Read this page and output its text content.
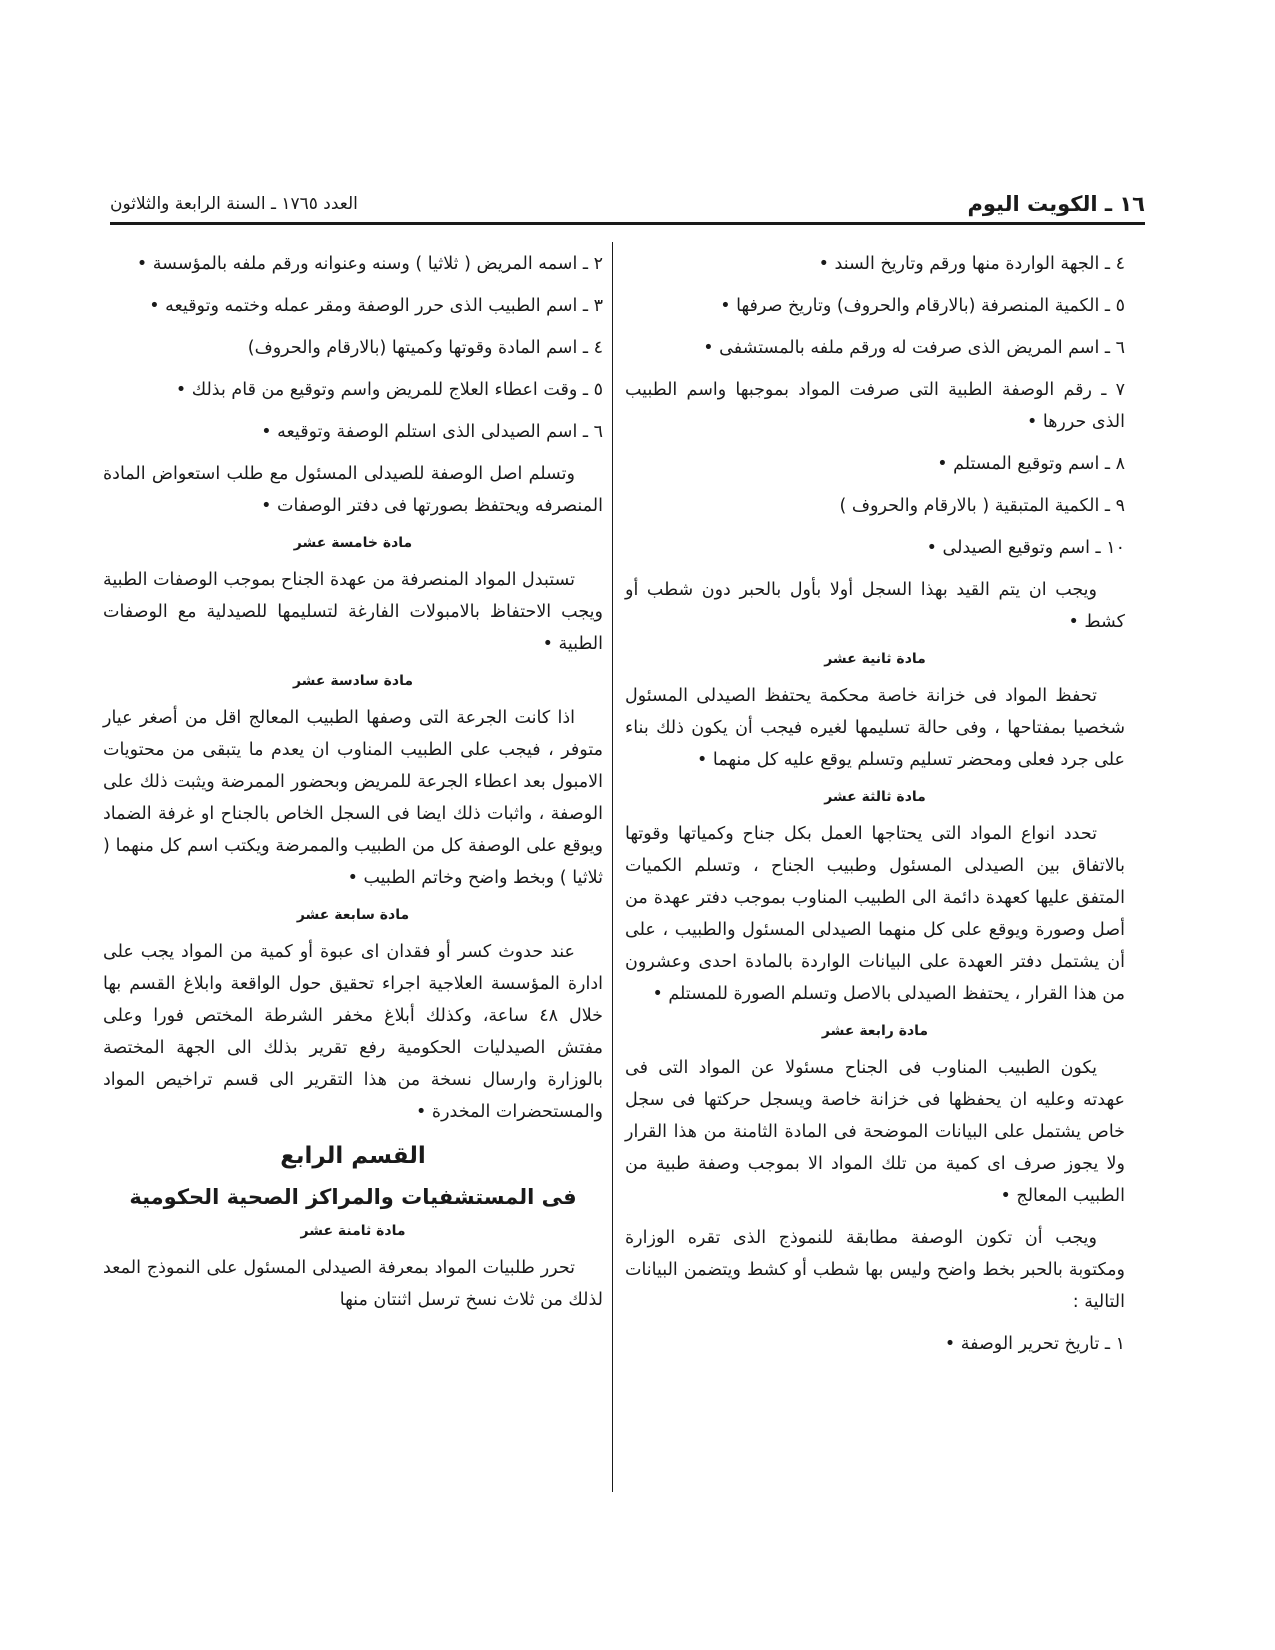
١٦ ـ الكويت اليوم
العدد ١٧٦٥ ـ السنة الرابعة والثلاثون

٤ ـ الجهة الواردة منها ورقم وتاريخ السند •

٥ ـ الكمية المنصرفة (بالارقام والحروف) وتاريخ صرفها •

٦ ـ اسم المريض الذى صرفت له ورقم ملفه بالمستشفى •

٧ ـ رقم الوصفة الطبية التى صرفت المواد بموجبها واسم الطبيب الذى حررها •

٨ ـ اسم وتوقيع المستلم •

٩ ـ الكمية المتبقية ( بالارقام والحروف )

١٠ ـ اسم وتوقيع الصيدلى •

ويجب ان يتم القيد بهذا السجل أولا بأول بالحبر دون شطب أو كشط •

مادة ثانية عشر

تحفظ المواد فى خزانة خاصة محكمة يحتفظ الصيدلى المسئول شخصيا بمفتاحها ، وفى حالة تسليمها لغيره فيجب أن يكون ذلك بناء على جرد فعلى ومحضر تسليم وتسلم يوقع عليه كل منهما •

مادة ثالثة عشر

تحدد انواع المواد التى يحتاجها العمل بكل جناح وكمياتها وقوتها بالاتفاق بين الصيدلى المسئول وطبيب الجناح ، وتسلم الكميات المتفق عليها كعهدة دائمة الى الطبيب المناوب بموجب دفتر عهدة من أصل وصورة ويوقع على كل منهما الصيدلى المسئول والطبيب ، على أن يشتمل دفتر العهدة على البيانات الواردة بالمادة احدى وعشرون من هذا القرار ، يحتفظ الصيدلى بالاصل وتسلم الصورة للمستلم •

مادة رابعة عشر

يكون الطبيب المناوب فى الجناح مسئولا عن المواد التى فى عهدته وعليه ان يحفظها فى خزانة خاصة ويسجل حركتها فى سجل خاص يشتمل على البيانات الموضحة فى المادة الثامنة من هذا القرار ولا يجوز صرف اى كمية من تلك المواد الا بموجب وصفة طبية من الطبيب المعالج •

ويجب أن تكون الوصفة مطابقة للنموذج الذى تقره الوزارة ومكتوبة بالحبر بخط واضح وليس بها شطب أو كشط ويتضمن البيانات التالية :

١ ـ تاريخ تحرير الوصفة •

٢ ـ اسمه المريض ( ثلاثيا ) وسنه وعنوانه ورقم ملفه بالمؤسسة •

٣ ـ اسم الطبيب الذى حرر الوصفة ومقر عمله وختمه وتوقيعه •

٤ ـ اسم المادة وقوتها وكميتها (بالارقام والحروف)

٥ ـ وقت اعطاء العلاج للمريض واسم وتوقيع من قام بذلك •

٦ ـ اسم الصيدلى الذى استلم الوصفة وتوقيعه •

وتسلم اصل الوصفة للصيدلى المسئول مع طلب استعواض المادة المنصرفه ويحتفظ بصورتها فى دفتر الوصفات •

مادة خامسة عشر

تستبدل المواد المنصرفة من عهدة الجناح بموجب الوصفات الطبية ويجب الاحتفاظ بالامبولات الفارغة لتسليمها للصيدلية مع الوصفات الطبية •

مادة سادسة عشر

اذا كانت الجرعة التى وصفها الطبيب المعالج اقل من أصغر عيار متوفر ، فيجب على الطبيب المناوب ان يعدم ما يتبقى من محتويات الامبول بعد اعطاء الجرعة للمريض وبحضور الممرضة ويثبت ذلك على الوصفة ، واثبات ذلك ايضا فى السجل الخاص بالجناح او غرفة الضماد ويوقع على الوصفة كل من الطبيب والممرضة ويكتب اسم كل منهما ( ثلاثيا ) وبخط واضح وخاتم الطبيب •

مادة سابعة عشر

عند حدوث كسر أو فقدان اى عبوة أو كمية من المواد يجب على ادارة المؤسسة العلاجية اجراء تحقيق حول الواقعة وابلاغ القسم بها خلال ٤٨ ساعة، وكذلك أبلاغ مخفر الشرطة المختص فورا وعلى مفتش الصيدليات الحكومية رفع تقرير بذلك الى الجهة المختصة بالوزارة وارسال نسخة من هذا التقرير الى قسم تراخيص المواد والمستحضرات المخدرة •

القسم الرابع
فى المستشفيات والمراكز الصحية الحكومية
مادة ثامنة عشر

تحرر طلبيات المواد بمعرفة الصيدلى المسئول على النموذج المعد لذلك من ثلاث نسخ ترسل اثنتان منها
